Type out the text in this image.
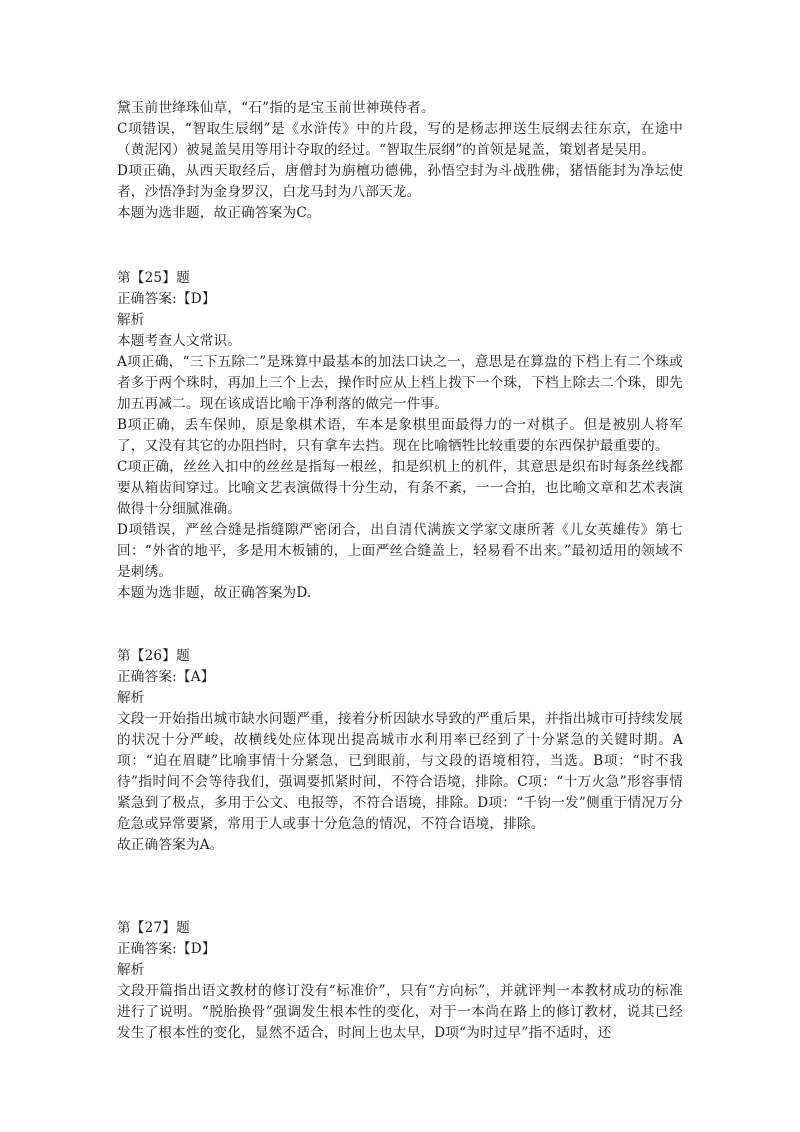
黛玉前世绛珠仙草，“石”指的是宝玉前世神瑛侍者。
C项错误，“智取生辰纲”是《水浒传》中的片段，写的是杨志押送生辰纲去往东京，在途中（黄泥冈）被晁盖吴用等用计夺取的经过。“智取生辰纲”的首领是晁盖，策划者是吴用。
D项正确，从西天取经后，唐僧封为旃檀功德佛，孙悟空封为斗战胜佛，猪悟能封为净坛使者，沙悟净封为金身罗汉，白龙马封为八部天龙。
本题为选非题，故正确答案为C。
第【25】题
正确答案:【D】
解析
本题考查人文常识。
A项正确，“三下五除二”是珠算中最基本的加法口诀之一，意思是在算盘的下档上有二个珠或者多于两个珠时，再加上三个上去，操作时应从上档上拨下一个珠，下档上除去二个珠，即先加五再减二。现在该成语比喻干净利落的做完一件事。
B项正确，丢车保帅，原是象棋术语，车本是象棋里面最得力的一对棋子。但是被别人将军了，又没有其它的办阻挡时，只有拿车去挡。现在比喻牺牲比较重要的东西保护最重要的。
C项正确，丝丝入扣中的丝丝是指每一根丝，扣是织机上的机件，其意思是织布时每条丝线都要从箱齿间穿过。比喻文艺表演做得十分生动，有条不紊，一一合拍，也比喻文章和艺术表演做得十分细腻准确。
D项错误，严丝合缝是指缝隙严密闭合，出自清代满族文学家文康所著《儿女英雄传》第七回：“外省的地平，多是用木板铺的，上面严丝合缝盖上，轻易看不出来。”最初适用的领域不是刺绣。
本题为选非题，故正确答案为D.
第【26】题
正确答案:【A】
解析
文段一开始指出城市缺水问题严重，接着分析因缺水导致的严重后果，并指出城市可持续发展的状况十分严峻，故横线处应体现出提高城市水利用率已经到了十分紧急的关键时期。A项：“迫在眉睫”比喻事情十分紧急，已到眼前，与文段的语境相符，当选。B项：“时不我待”指时间不会等待我们，强调要抓紧时间，不符合语境，排除。C项：“十万火急”形容事情紧急到了极点，多用于公文、电报等，不符合语境，排除。D项：“千钧一发”侧重于情况万分危急或异常要紧，常用于人或事十分危急的情况，不符合语境，排除。
故正确答案为A。
第【27】题
正确答案:【D】
解析
文段开篇指出语文教材的修订没有“标准价”，只有“方向标”，并就评判一本教材成功的标准进行了说明。“脱胎换骨”强调发生根本性的变化，对于一本尚在路上的修订教材，说其已经发生了根本性的变化，显然不适合，时间上也太早，D项“为时过早”指不适时，还
